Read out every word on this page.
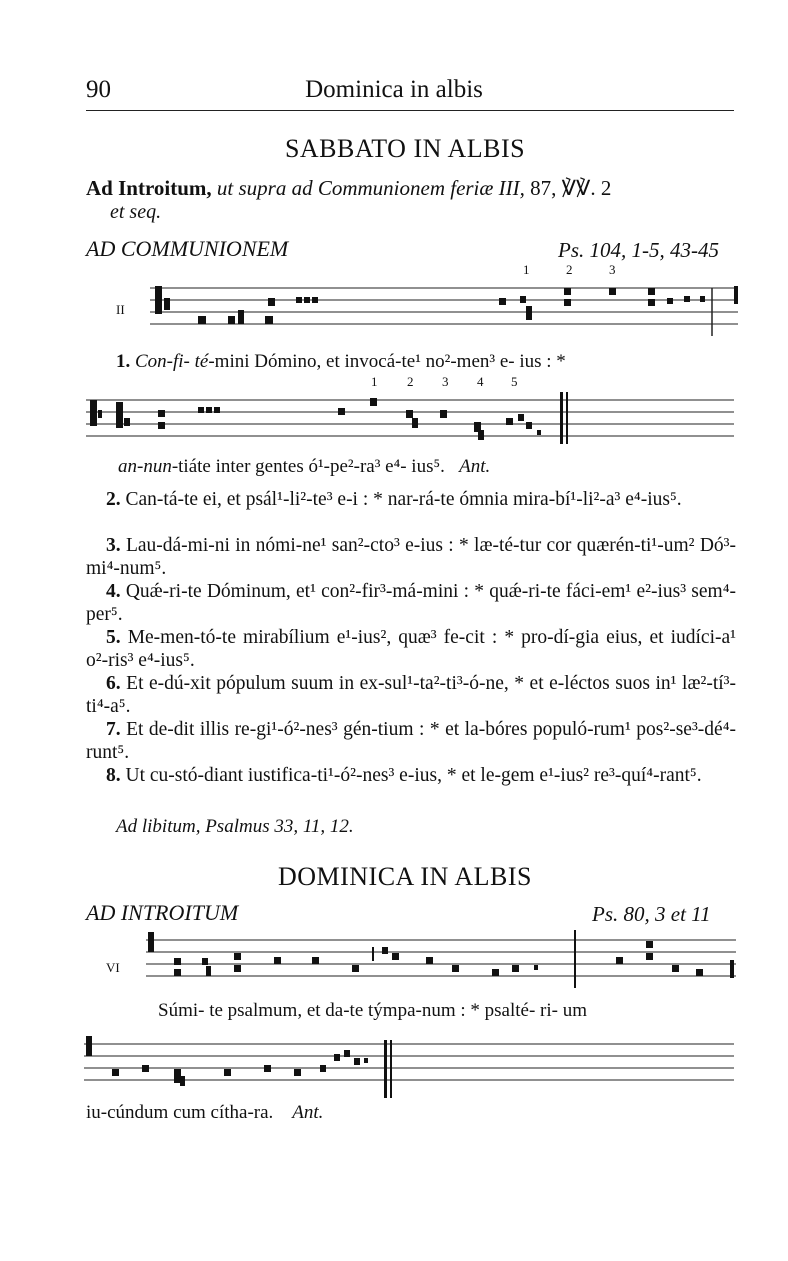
90	Dominica in albis
SABBATO IN ALBIS
Ad Introitum, ut supra ad Communionem feriæ III, 87, ℣℣. 2
et seq.
AD COMMUNIONEM	Ps. 104, 1-5, 43-45
1	2	3
II
1. Con-fi- té-mini Dómino, et invocá-te¹ no²-men³ e- ius : *
1 2 3 4 5
an-nun-tiáte inter gentes ó¹-pe²-ra³ e⁴- ius⁵. Ant.
2. Can-tá-te ei, et psál¹-li²-te³ e-i : * nar-rá-te ómnia mira-bí¹-li²-a³ e⁴-ius⁵.
3. Lau-dá-mi-ni in nómi-ne¹ san²-cto³ e-ius : * læ-té-tur cor quærén-ti¹-um² Dó³-mi⁴-num⁵.
4. Quǽ-ri-te Dóminum, et¹ con²-fir³-má-mini : * quǽ-ri-te fáci-em¹ e²-ius³ sem⁴-per⁵.
5. Me-men-tó-te mirabílium e¹-ius², quæ³ fe-cit : * pro-dí-gia eius, et iudíci-a¹ o²-ris³ e⁴-ius⁵.
6. Et e-dú-xit pópulum suum in ex-sul¹-ta²-ti³-ó-ne, * et e-léctos suos in¹ læ²-tí³-ti⁴-a⁵.
7. Et de-dit illis re-gi¹-ó²-nes³ gén-tium : * et la-bóres populó-rum¹ pos²-se³-dé⁴-runt⁵.
8. Ut cu-stó-diant iustifica-ti¹-ó²-nes³ e-ius, * et le-gem e¹-ius² re³-quí⁴-rant⁵.
Ad libitum, Psalmus 33, 11, 12.
DOMINICA IN ALBIS
AD INTROITUM	Ps. 80, 3 et 11
VI
Súmi- te psalmum, et da-te týmpa-num : * psalté- ri- um
iu-cúndum cum cítha-ra. Ant.
